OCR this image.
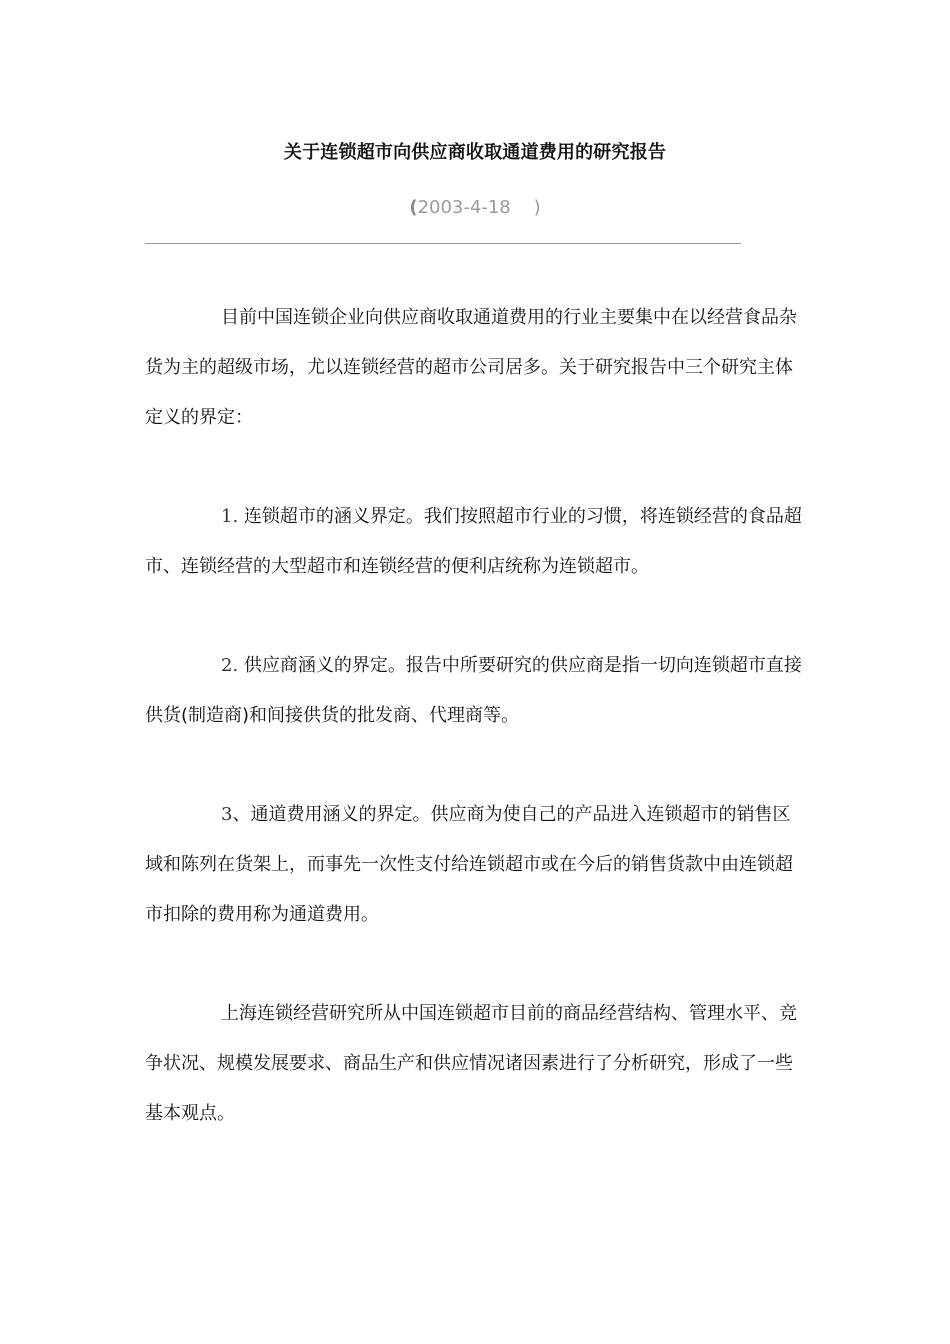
关于连锁超市向供应商收取通道费用的研究报告
(2003-4-18 )

目前中国连锁企业向供应商收取通道费用的行业主要集中在以经营食品杂货为主的超级市场，尤以连锁经营的超市公司居多。关于研究报告中三个研究主体定义的界定：

1. 连锁超市的涵义界定。我们按照超市行业的习惯，将连锁经营的食品超市、连锁经营的大型超市和连锁经营的便利店统称为连锁超市。

2. 供应商涵义的界定。报告中所要研究的供应商是指一切向连锁超市直接供货(制造商)和间接供货的批发商、代理商等。

3、通道费用涵义的界定。供应商为使自己的产品进入连锁超市的销售区域和陈列在货架上，而事先一次性支付给连锁超市或在今后的销售货款中由连锁超市扣除的费用称为通道费用。

上海连锁经营研究所从中国连锁超市目前的商品经营结构、管理水平、竞争状况、规模发展要求、商品生产和供应情况诸因素进行了分析研究，形成了一些基本观点。
